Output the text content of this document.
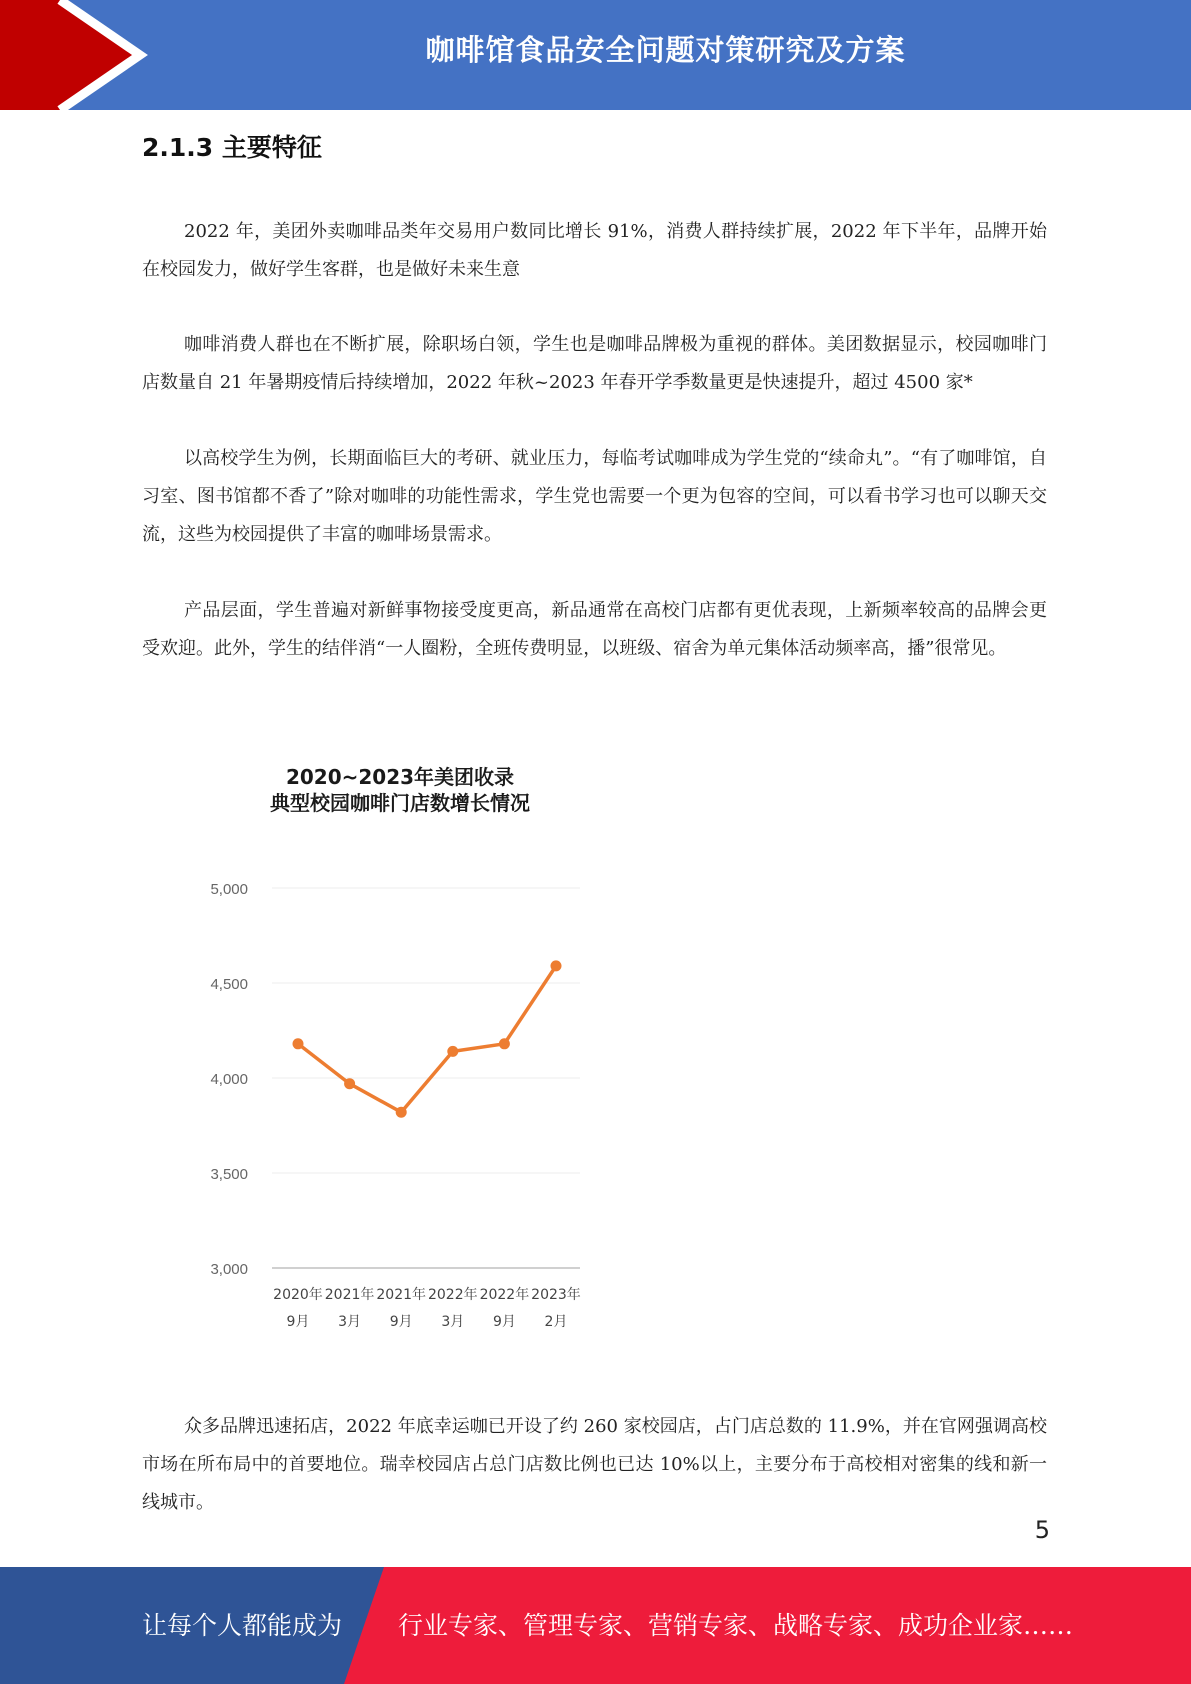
咖啡馆食品安全问题对策研究及方案
2.1.3 主要特征

2022 年，美团外卖咖啡品类年交易用户数同比增长 91%，消费人群持续扩展，2022 年下半年，品牌开始在校园发力，做好学生客群，也是做好未来生意

咖啡消费人群也在不断扩展，除职场白领，学生也是咖啡品牌极为重视的群体。美团数据显示，校园咖啡门店数量自 21 年暑期疫情后持续增加，2022 年秋~2023 年春开学季数量更是快速提升，超过 4500 家*

以高校学生为例，长期面临巨大的考研、就业压力，每临考试咖啡成为学生党的“续命丸”。“有了咖啡馆，自习室、图书馆都不香了”除对咖啡的功能性需求，学生党也需要一个更为包容的空间，可以看书学习也可以聊天交流，这些为校园提供了丰富的咖啡场景需求。

产品层面，学生普遍对新鲜事物接受度更高，新品通常在高校门店都有更优表现，上新频率较高的品牌会更受欢迎。此外，学生的结伴消“一人圈粉，全班传费明显，以班级、宿舍为单元集体活动频率高，播”很常见。

2020~2023年美团收录
典型校园咖啡门店数增长情况
3,000
3,500
4,000
4,500
5,000
2020年
9月
2021年
3月
2021年
9月
2022年
3月
2022年
9月
2023年
2月

众多品牌迅速拓店，2022 年底幸运咖已开设了约 260 家校园店，占门店总数的 11.9%，并在官网强调高校市场在所布局中的首要地位。瑞幸校园店占总门店数比例也已达 10%以上，主要分布于高校相对密集的线和新一线城市。

5
让每个人都能成为 行业专家、管理专家、营销专家、战略专家、成功企业家……
